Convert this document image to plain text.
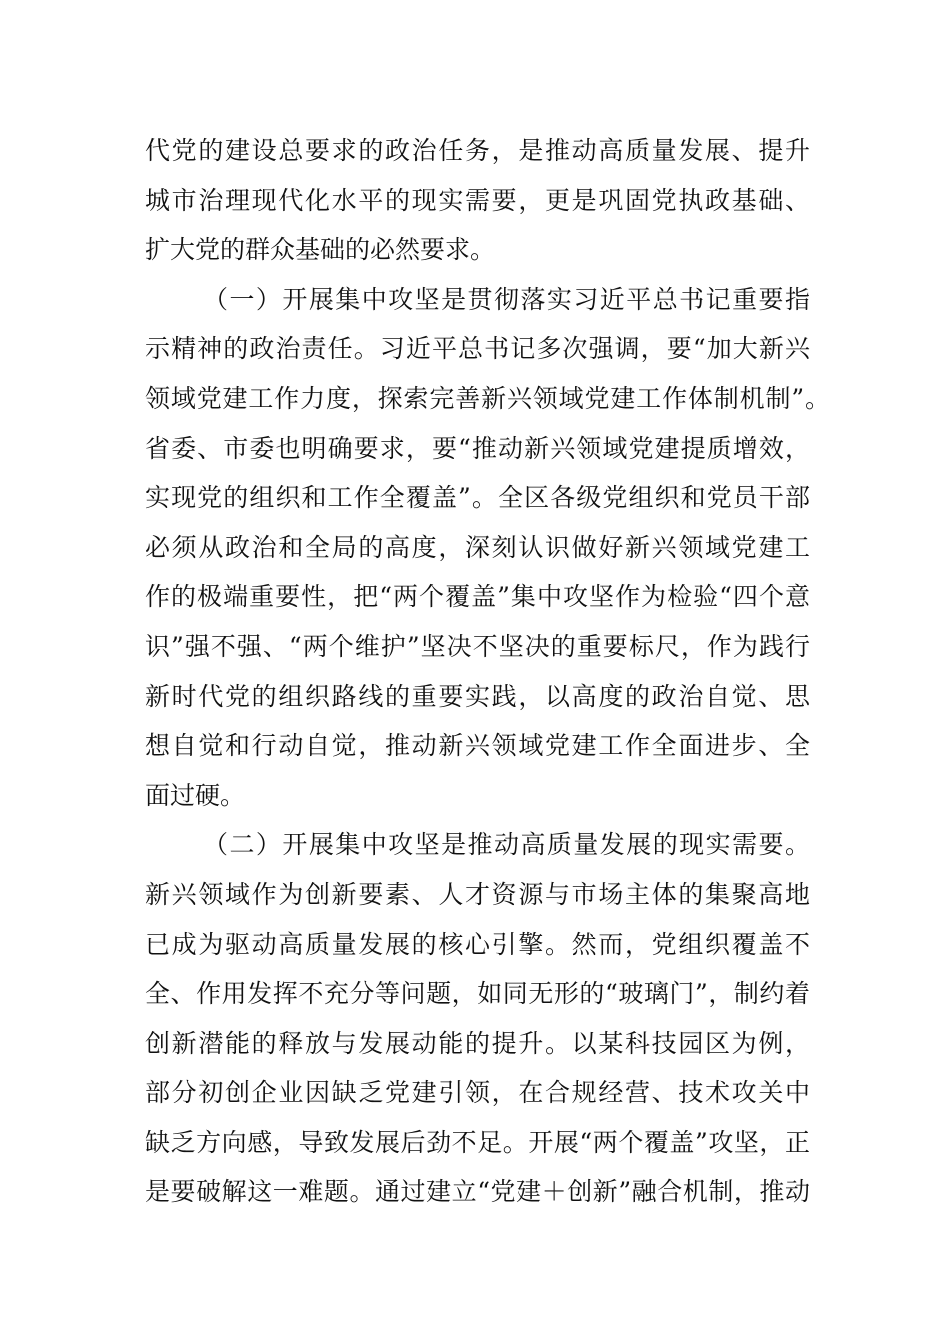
代党的建设总要求的政治任务，是推动高质量发展、提升
城市治理现代化水平的现实需要，更是巩固党执政基础、
扩大党的群众基础的必然要求。
（一）开展集中攻坚是贯彻落实习近平总书记重要指
示精神的政治责任。习近平总书记多次强调，要“加大新兴
领域党建工作力度，探索完善新兴领域党建工作体制机制”。
省委、市委也明确要求，要“推动新兴领域党建提质增效，
实现党的组织和工作全覆盖”。全区各级党组织和党员干部
必须从政治和全局的高度，深刻认识做好新兴领域党建工
作的极端重要性，把“两个覆盖”集中攻坚作为检验“四个意
识”强不强、“两个维护”坚决不坚决的重要标尺，作为践行
新时代党的组织路线的重要实践，以高度的政治自觉、思
想自觉和行动自觉，推动新兴领域党建工作全面进步、全
面过硬。
（二）开展集中攻坚是推动高质量发展的现实需要。
新兴领域作为创新要素、人才资源与市场主体的集聚高地
已成为驱动高质量发展的核心引擎。然而，党组织覆盖不
全、作用发挥不充分等问题，如同无形的“玻璃门”，制约着
创新潜能的释放与发展动能的提升。以某科技园区为例，
部分初创企业因缺乏党建引领，在合规经营、技术攻关中
缺乏方向感，导致发展后劲不足。开展“两个覆盖”攻坚，正
是要破解这一难题。通过建立“党建＋创新”融合机制，推动
